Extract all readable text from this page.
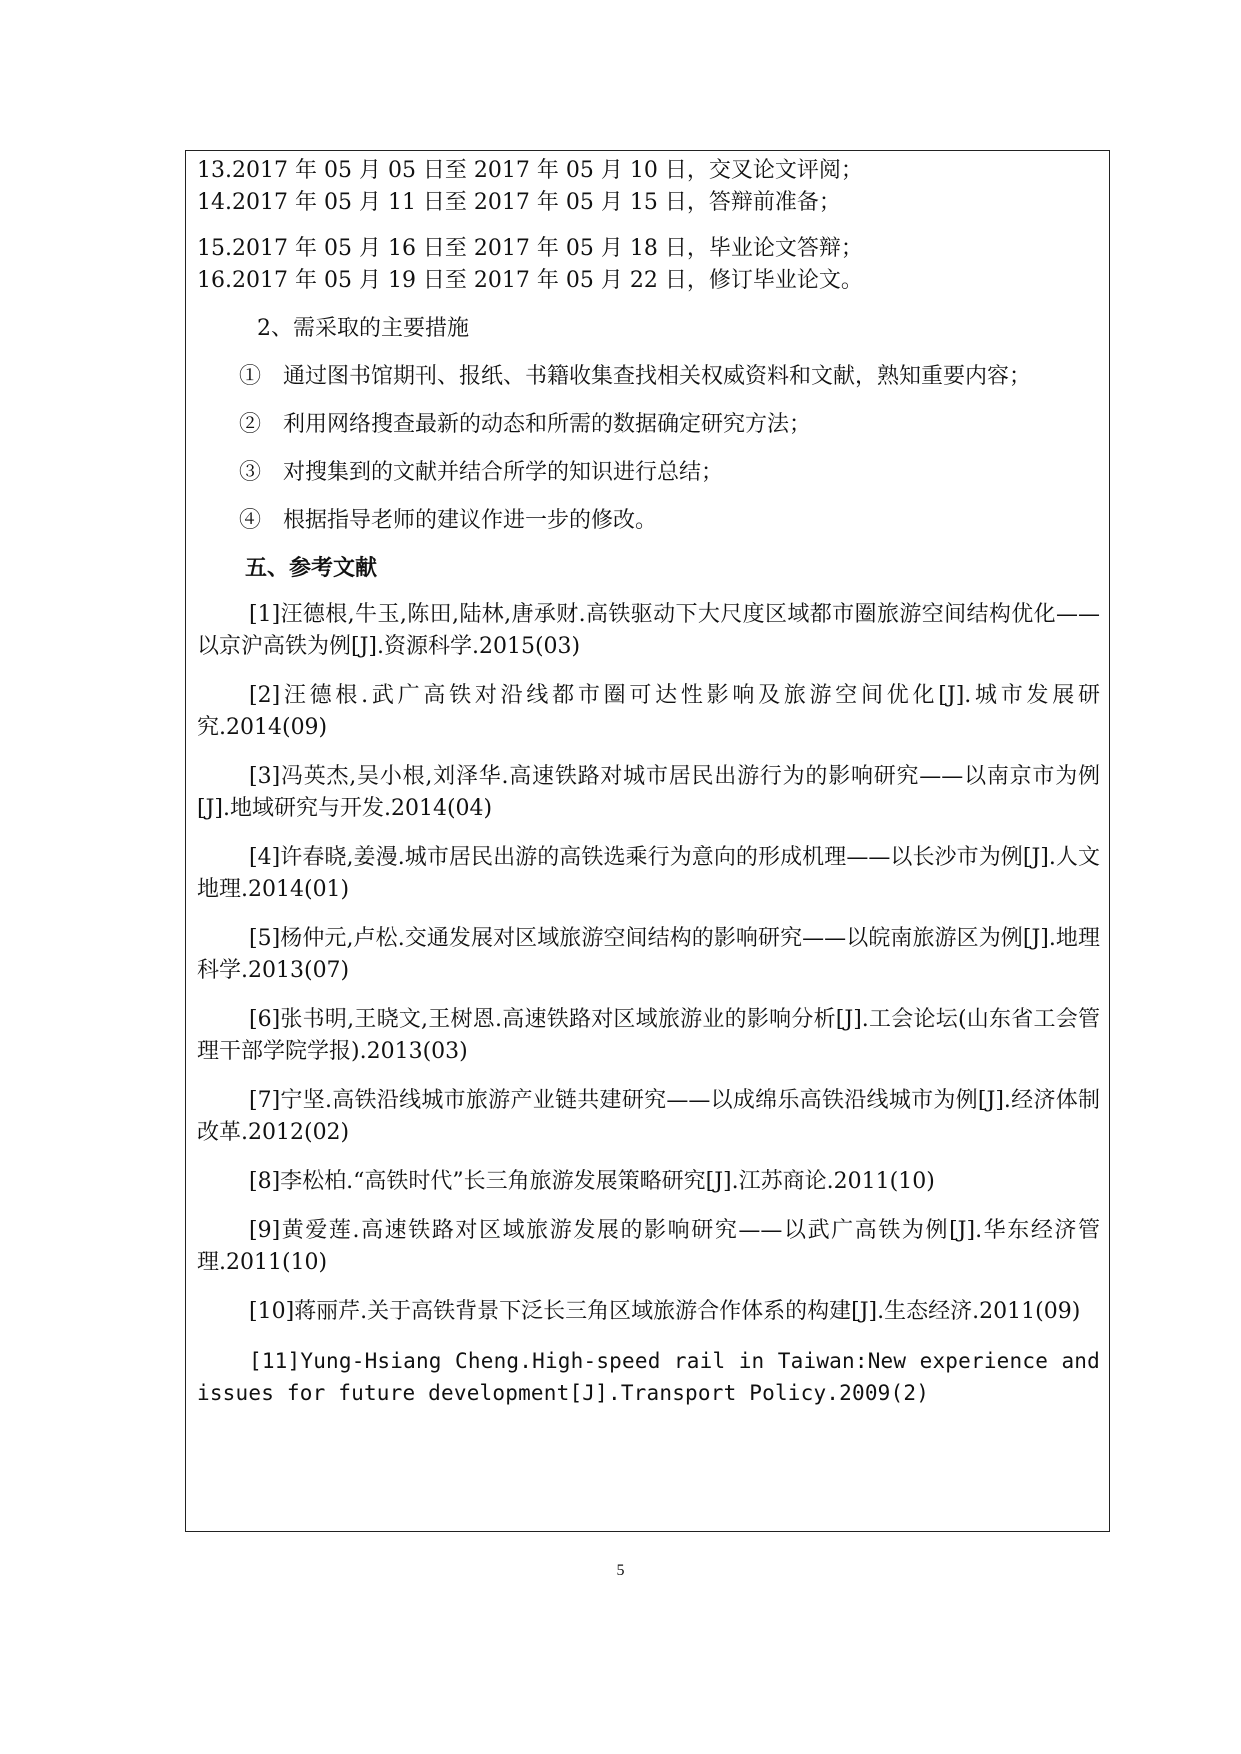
13.2017 年 05 月 05 日至 2017 年 05 月 10 日，交叉论文评阅；

14.2017 年 05 月 11 日至 2017 年 05 月 15 日，答辩前准备；

15.2017 年 05 月 16 日至 2017 年 05 月 18 日，毕业论文答辩；

16.2017 年 05 月 19 日至 2017 年 05 月 22 日，修订毕业论文。

2、需采取的主要措施

①　通过图书馆期刊、报纸、书籍收集查找相关权威资料和文献，熟知重要内容；

②　利用网络搜查最新的动态和所需的数据确定研究方法；

③　对搜集到的文献并结合所学的知识进行总结；

④　根据指导老师的建议作进一步的修改。

五、参考文献

[1]汪德根,牛玉,陈田,陆林,唐承财.高铁驱动下大尺度区域都市圈旅游空间结构优化——以京沪高铁为例[J].资源科学.2015(03)

[2]汪德根.武广高铁对沿线都市圈可达性影响及旅游空间优化[J].城市发展研究.2014(09)

[3]冯英杰,吴小根,刘泽华.高速铁路对城市居民出游行为的影响研究——以南京市为例[J].地域研究与开发.2014(04)

[4]许春晓,姜漫.城市居民出游的高铁选乘行为意向的形成机理——以长沙市为例[J].人文地理.2014(01)

[5]杨仲元,卢松.交通发展对区域旅游空间结构的影响研究——以皖南旅游区为例[J].地理科学.2013(07)

[6]张书明,王晓文,王树恩.高速铁路对区域旅游业的影响分析[J].工会论坛(山东省工会管理干部学院学报).2013(03)

[7]宁坚.高铁沿线城市旅游产业链共建研究——以成绵乐高铁沿线城市为例[J].经济体制改革.2012(02)

[8]李松柏.“高铁时代”长三角旅游发展策略研究[J].江苏商论.2011(10)

[9]黄爱莲.高速铁路对区域旅游发展的影响研究——以武广高铁为例[J].华东经济管理.2011(10)

[10]蒋丽芹.关于高铁背景下泛长三角区域旅游合作体系的构建[J].生态经济.2011(09)

[11]Yung-Hsiang Cheng.High-speed rail in Taiwan:New experience and issues for future development[J].Transport Policy.2009(2)

5
